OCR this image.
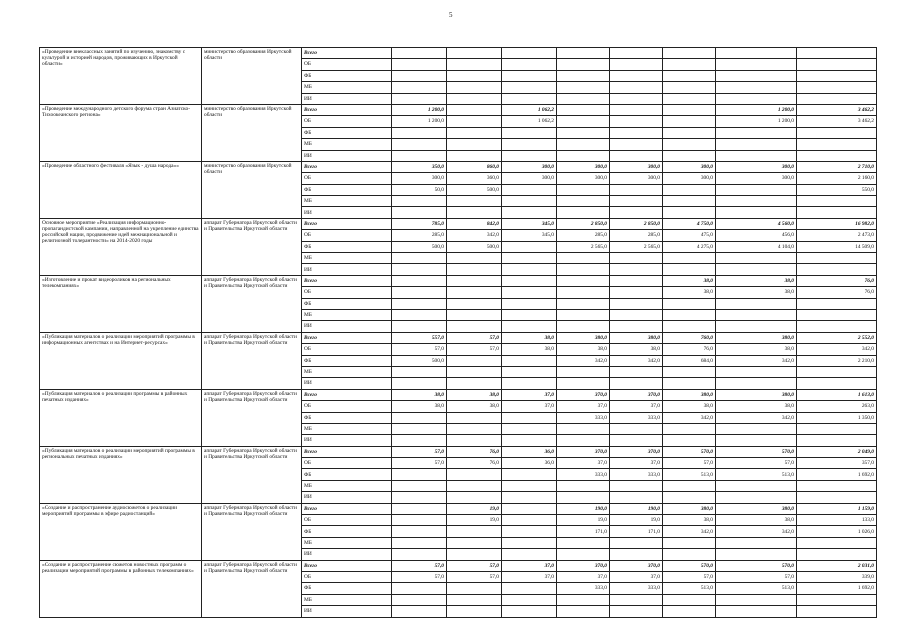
5
«Проведение внеклассных занятий по изучению, знакомству с культурой и историей народов, проживающих в Иркутской области»	министерство образования Иркутской области	Всего								
		ОБ								
		ФБ								
		МБ								
		ИИ								
«Проведение международного детского форума стран Азиатско-Тихоокеанского региона»	министерство образования Иркутской области	Всего	1 200,0		1 062,2				1 200,0	3 462,2
		ОБ	1 200,0		1 062,2				1 200,0	3 462,2
		ФБ								
		МБ								
		ИИ								
«Проведение областного фестиваля «Язык - душа народа»»	министерство образования Иркутской области	Всего	350,0	860,0	300,0	300,0	300,0	300,0	300,0	2 710,0
		ОБ	300,0	360,0	300,0	300,0	300,0	300,0	300,0	2 160,0
		ФБ	50,0	500,0						550,0
		МБ								
		ИИ								
Основное мероприятие «Реализация информационно-пропагандистской кампании, направленной на укрепление единства российской нации, продвижение идей межнациональной и религиозной толерантности» на 2014-2020 годы	аппарат Губернатора Иркутской области и Правительства Иркутской области	Всего	785,0	842,0	345,0	2 850,0	2 850,0	4 750,0	4 560,0	16 982,0
		ОБ	285,0	342,0	345,0	285,0	285,0	475,0	456,0	2 473,0
		ФБ	500,0	500,0		2 565,0	2 565,0	4 275,0	4 104,0	14 509,0
		МБ								
		ИИ								
«Изготовление и прокат видеороликов на региональных телекомпаниях»	аппарат Губернатора Иркутской области и Правительства Иркутской области	Всего						38,0	38,0	76,0
		ОБ						38,0	38,0	76,0
		ФБ								
		МБ								
		ИИ								
«Публикация материалов о реализации мероприятий программы в информационных агентствах и на Интернет-ресурсах»	аппарат Губернатора Иркутской области и Правительства Иркутской области	Всего	557,0	57,0	38,0	380,0	380,0	760,0	380,0	2 552,0
		ОБ	57,0	57,0	38,0	38,0	38,0	76,0	38,0	342,0
		ФБ	500,0			342,0	342,0	684,0	342,0	2 210,0
		МБ								
		ИИ								
«Публикация материалов о реализации программы в районных печатных изданиях»	аппарат Губернатора Иркутской области и Правительства Иркутской области	Всего	38,0	38,0	37,0	370,0	370,0	380,0	380,0	1 613,0
		ОБ	38,0	38,0	37,0	37,0	37,0	38,0	38,0	263,0
		ФБ				333,0	333,0	342,0	342,0	1 350,0
		МБ								
		ИИ								
«Публикация материалов о реализации мероприятий программы в региональных печатных изданиях»	аппарат Губернатора Иркутской области и Правительства Иркутской области	Всего	57,0	76,0	36,0	370,0	370,0	570,0	570,0	2 049,0
		ОБ	57,0	76,0	36,0	37,0	37,0	57,0	57,0	357,0
		ФБ				333,0	333,0	513,0	513,0	1 692,0
		МБ								
		ИИ								
«Создание и распространение аудиосюжетов о реализации мероприятий программы в эфире радиостанций»	аппарат Губернатора Иркутской области и Правительства Иркутской области	Всего		19,0		190,0	190,0	380,0	380,0	1 159,0
		ОБ		19,0		19,0	19,0	38,0	38,0	133,0
		ФБ				171,0	171,0	342,0	342,0	1 026,0
		МБ								
		ИИ								
«Создание и распространение сюжетов новостных программ о реализации мероприятий программы в районных телекомпаниях»	аппарат Губернатора Иркутской области и Правительства Иркутской области	Всего	57,0	57,0	37,0	370,0	370,0	570,0	570,0	2 031,0
		ОБ	57,0	57,0	37,0	37,0	37,0	57,0	57,0	339,0
		ФБ				333,0	333,0	513,0	513,0	1 692,0
		МБ								
		ИИ								
